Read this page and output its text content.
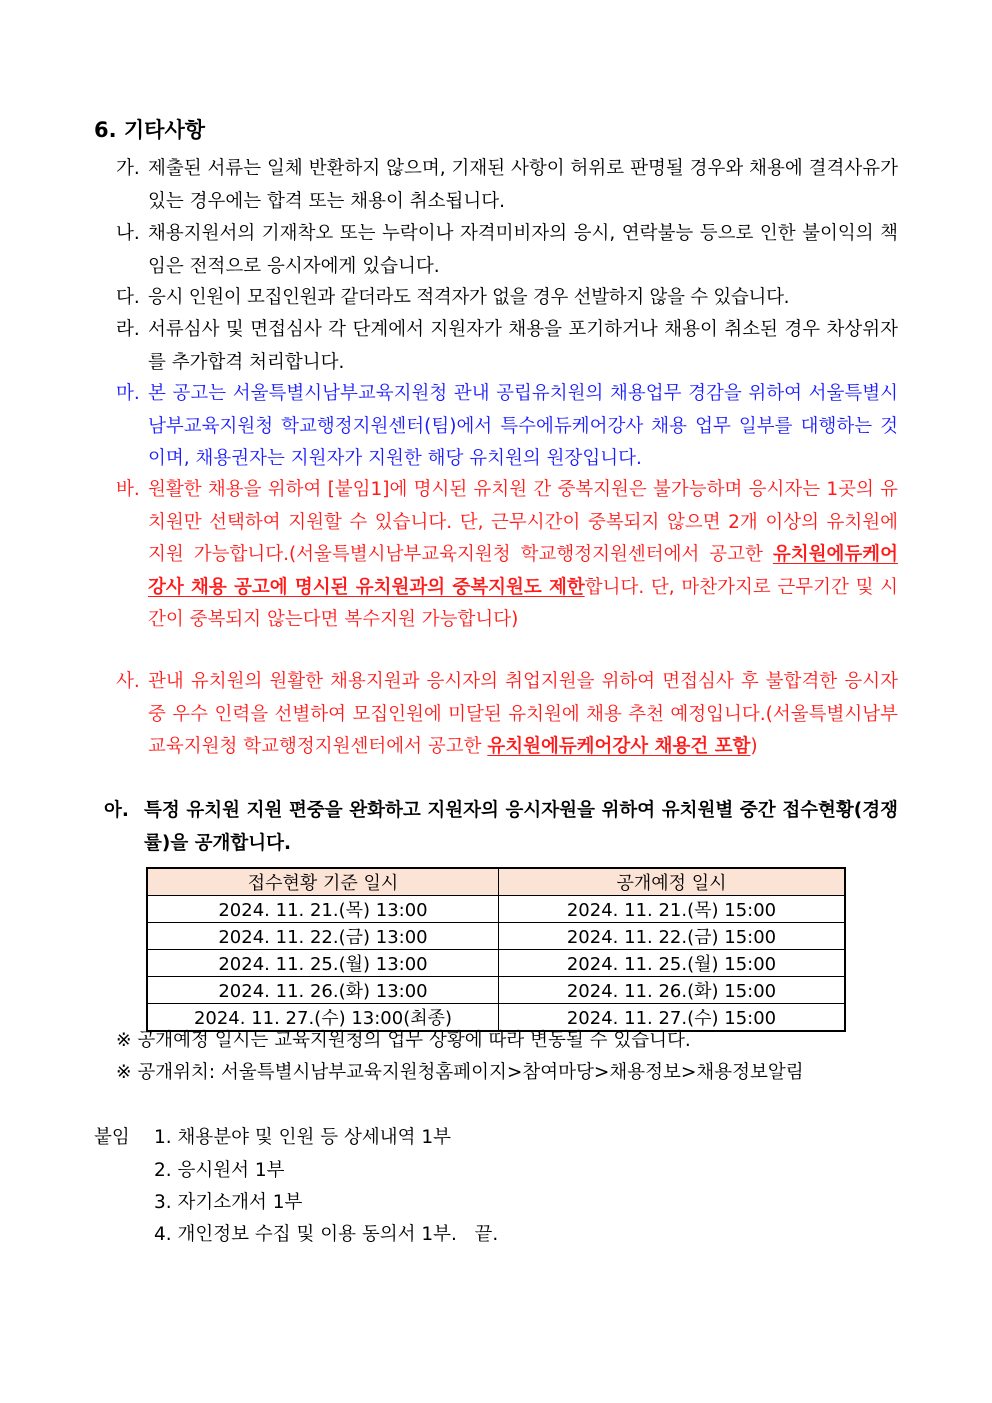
6. 기타사항
가. 제출된 서류는 일체 반환하지 않으며, 기재된 사항이 허위로 판명될 경우와 채용에 결격사유가 있는 경우에는 합격 또는 채용이 취소됩니다.
나. 채용지원서의 기재착오 또는 누락이나 자격미비자의 응시, 연락불능 등으로 인한 불이익의 책임은 전적으로 응시자에게 있습니다.
다. 응시 인원이 모집인원과 같더라도 적격자가 없을 경우 선발하지 않을 수 있습니다.
라. 서류심사 및 면접심사 각 단계에서 지원자가 채용을 포기하거나 채용이 취소된 경우 차상위자를 추가합격 처리합니다.
마. 본 공고는 서울특별시남부교육지원청 관내 공립유치원의 채용업무 경감을 위하여 서울특별시남부교육지원청 학교행정지원센터(팀)에서 특수에듀케어강사 채용 업무 일부를 대행하는 것이며, 채용권자는 지원자가 지원한 해당 유치원의 원장입니다.
바. 원활한 채용을 위하여 [붙임1]에 명시된 유치원 간 중복지원은 불가능하며 응시자는 1곳의 유치원만 선택하여 지원할 수 있습니다. 단, 근무시간이 중복되지 않으면 2개 이상의 유치원에 지원 가능합니다.(서울특별시남부교육지원청 학교행정지원센터에서 공고한 유치원에듀케어강사 채용 공고에 명시된 유치원과의 중복지원도 제한합니다. 단, 마찬가지로 근무기간 및 시간이 중복되지 않는다면 복수지원 가능합니다)
사. 관내 유치원의 원활한 채용지원과 응시자의 취업지원을 위하여 면접심사 후 불합격한 응시자 중 우수 인력을 선별하여 모집인원에 미달된 유치원에 채용 추천 예정입니다.(서울특별시남부교육지원청 학교행정지원센터에서 공고한 유치원에듀케어강사 채용건 포함)
아. 특정 유치원 지원 편중을 완화하고 지원자의 응시자원을 위하여 유치원별 중간 접수현황(경쟁률)을 공개합니다.
접수현황 기준 일시	공개예정 일시
2024. 11. 21.(목) 13:00	2024. 11. 21.(목) 15:00
2024. 11. 22.(금) 13:00	2024. 11. 22.(금) 15:00
2024. 11. 25.(월) 13:00	2024. 11. 25.(월) 15:00
2024. 11. 26.(화) 13:00	2024. 11. 26.(화) 15:00
2024. 11. 27.(수) 13:00(최종)	2024. 11. 27.(수) 15:00
※ 공개예정 일시는 교육지원청의 업무 상황에 따라 변동될 수 있습니다.
※ 공개위치: 서울특별시남부교육지원청홈페이지>참여마당>채용정보>채용정보알림
붙임 1. 채용분야 및 인원 등 상세내역 1부
2. 응시원서 1부
3. 자기소개서 1부
4. 개인정보 수집 및 이용 동의서 1부.   끝.
